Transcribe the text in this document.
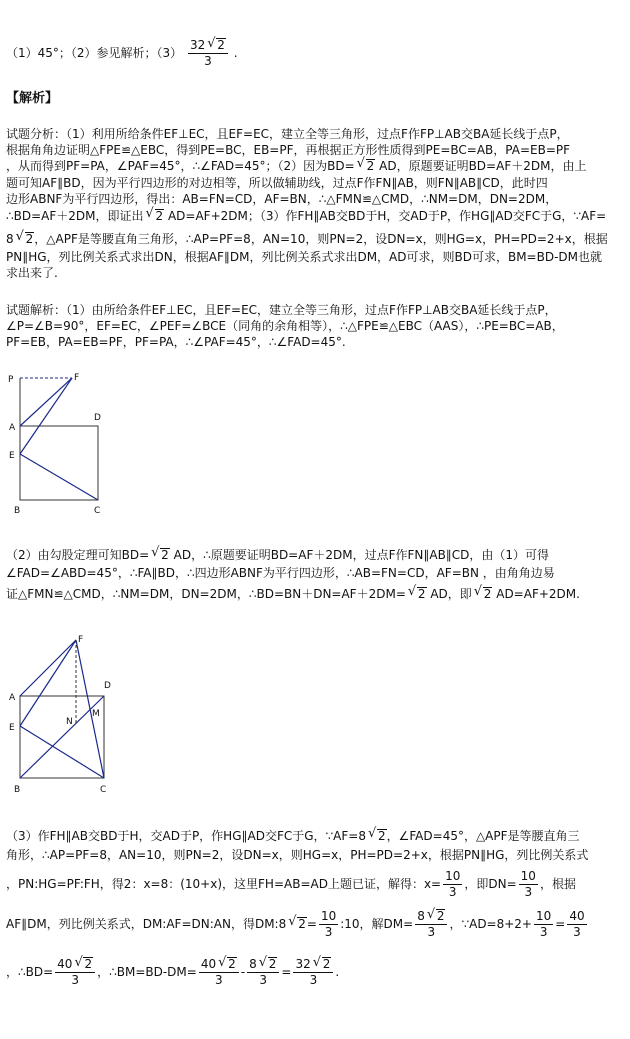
（1）45°；（2）参见解析；$(3) \frac{32 √ 2}{3}$ .
【解析】
试题分析：（1）利用所给条件EF⊥EC，且EF=EC，建立全等三角形，过点F作FP⊥AB交BA延长线于点P，
根据角角边证明△FPE≌△EBC，得到PE=BC，EB=PF，再根据正方形性质得到PE=BC=AB，PA=EB=PF
，从而得到PF=PA，∠PAF=45°，∴∠FAD=45°；（2）因为BD= √ 2 AD，原题要证明BD=AF＋2DM，由上
题可知AF∥BD，因为平行四边形的对边相等，所以做辅助线，过点F作FN∥AB，则FN∥AB∥CD，此时四
边形ABNF为平行四边形，得出：AB=FN=CD，AF=BN，∴△FMN≌△CMD，∴NM=DM，DN=2DM，
∴BD=AF＋2DM，即证出 √ 2 AD=AF+2DM；（3）作FH∥AB交BD于H，交AD于P，作HG∥AD交FC于G，∵AF=
8 √ 2，△APF是等腰直角三角形，∴AP=PF=8，AN=10，则PN=2，设DN=x，则HG=x，PH=PD=2+x，根据
PN∥HG，列比例关系式求出DN，根据AF∥DM，列比例关系式求出DM，AD可求，则BD可求，BM=BD-DM也就
求出来了.
试题解析：（1）由所给条件EF⊥EC，且EF=EC，建立全等三角形，过点F作FP⊥AB交BA延长线于点P，
∠P=∠B=90°，EF=EC，∠PEF=∠BCE（同角的余角相等），∴△FPE≌△EBC（AAS），∴PE=BC=AB，
PF=EB，PA=EB=PF，PF=PA，∴∠PAF=45°，∴∠FAD=45°.
P	F
A
D
E
B	C
（2）由勾股定理可知BD= √ 2 AD，∴原题要证明BD=AF＋2DM，过点F作FN∥AB∥CD，由（1）可得
∠FAD=∠ABD=45°，∴FA∥BD，∴四边形ABNF为平行四边形，∴AB=FN=CD，AF=BN ，由角角边易
证△FMN≌△CMD，∴NM=DM，DN=2DM，∴BD=BN＋DN=AF＋2DM= √ 2 AD，即 √ 2 AD=AF+2DM.
F
A
D
E
N
M
B	C
（3）作FH∥AB交BD于H，交AD于P，作HG∥AD交FC于G，∵AF=8 √ 2，∠FAD=45°，△APF是等腰直角三
角形，∴AP=PF=8，AN=10，则PN=2，设DN=x，则HG=x，PH=PD=2+x，根据PN∥HG，列比例关系式
，PN:HG=PF:FH，得2：x=8：(10+x)，这里FH=AB=AD上题已证，解得：$x= \frac{10}{3}$ ，即$DN= \frac{10}{3}$ ，根据
AF∥DM，列比例关系式，DM:AF=DN:AN，得DM:8 √ $2= \frac{10}{3}$ :10，解$DM= \frac{8 √ 2}{3}$ ，∵AD=8+2+ $\frac{10}{3} = \frac{40}{3}$
，∴BD= $\frac{40 √ 2}{3}$ ，∴BM=BD-DM= $\frac{40 √ 2}{3} - \frac{8 √ 2}{3} = \frac{32 √ 2}{3}$ .
